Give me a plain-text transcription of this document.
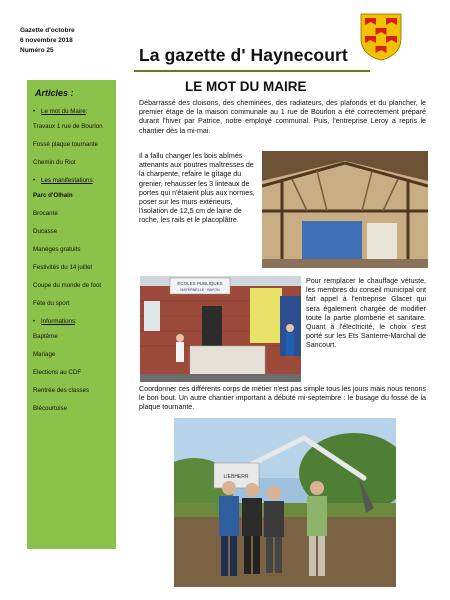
Gazette d'octobre
6 novembre 2018
Numéro 25	La gazette d' Haynecourt
Articles :
• Le mot du Maire :
Travaux 1 rue de Bourlon
Fossé plaque tournante
Chemin du Riot
• Les manifestations :
Parc d'Olhain
Brocante
Ducasse
Manèges gratuits
Festivités du 14 juillet
Coupe du monde de foot
Fête du sport
• Informations :
Baptême
Mariage
Elections au CDF
Rentrée des classes
Blécourtoise
LE MOT DU MAIRE

Débarrassé des cloisons, des cheminées, des radiateurs, des plafonds et du plancher, le premier étage de la maison communale au 1 rue de Bourlon a été correctement préparé durant l'hiver par Patrice, notre employé communal. Puis, l'entreprise Leroy a repris le chantier dès la mi-mai.

Il a fallu changer les bois abîmés attenants aux poutres maîtresses de la charpente, refaire le gîtage du grenier, rehausser les 3 linteaux de portes qui n'étaient plus aux normes, poser sur les murs extérieurs, l'isolation de 12,5 cm de laine de roche, les rails et le placoplâtre.

Pour remplacer le chauffage vétuste, les membres du conseil municipal ont fait appel à l'entreprise Glacet qui sera également chargée de modifier toute la partie plomberie et sanitaire. Quant à l'électricité, le choix s'est porté sur les Ets Santerre-Marchal de Sancourt.

Coordonner ces différents corps de métier n'est pas simple tous les jours mais nous tenons le bon bout. Un autre chantier important a débuté mi-septembre : le busage du fossé de la plaque tournante.

ÉCOLES PUBLIQUES
MATERNELLE · BAYON
LIEBHERR
